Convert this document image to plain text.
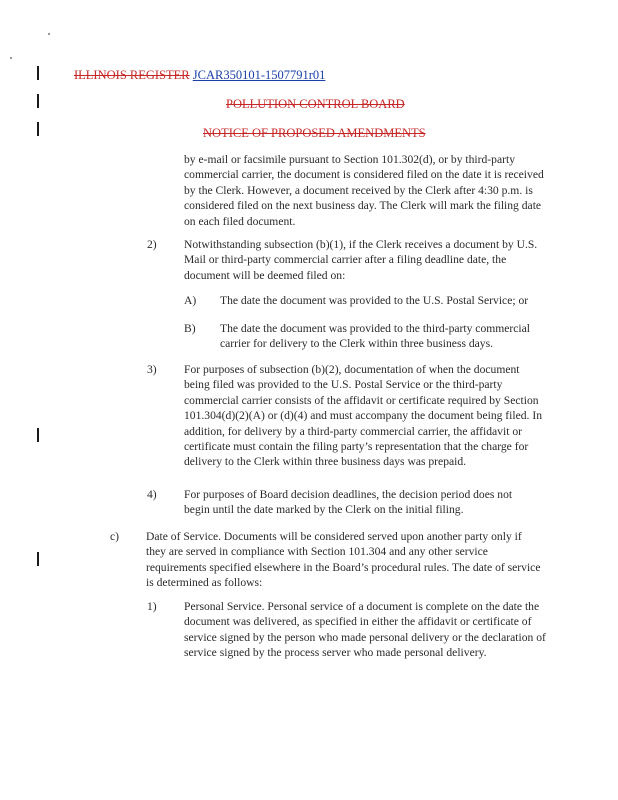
ILLINOIS REGISTER JCAR350101-1507791r01
POLLUTION CONTROL BOARD
NOTICE OF PROPOSED AMENDMENTS
by e-mail or facsimile pursuant to Section 101.302(d), or by third-party commercial carrier, the document is considered filed on the date it is received by the Clerk. However, a document received by the Clerk after 4:30 p.m. is considered filed on the next business day. The Clerk will mark the filing date on each filed document.
2) Notwithstanding subsection (b)(1), if the Clerk receives a document by U.S. Mail or third-party commercial carrier after a filing deadline date, the document will be deemed filed on:
A) The date the document was provided to the U.S. Postal Service; or
B) The date the document was provided to the third-party commercial carrier for delivery to the Clerk within three business days.
3) For purposes of subsection (b)(2), documentation of when the document being filed was provided to the U.S. Postal Service or the third-party commercial carrier consists of the affidavit or certificate required by Section 101.304(d)(2)(A) or (d)(4) and must accompany the document being filed. In addition, for delivery by a third-party commercial carrier, the affidavit or certificate must contain the filing party’s representation that the charge for delivery to the Clerk within three business days was prepaid.
4) For purposes of Board decision deadlines, the decision period does not begin until the date marked by the Clerk on the initial filing.
c) Date of Service. Documents will be considered served upon another party only if they are served in compliance with Section 101.304 and any other service requirements specified elsewhere in the Board’s procedural rules. The date of service is determined as follows:
1) Personal Service. Personal service of a document is complete on the date the document was delivered, as specified in either the affidavit or certificate of service signed by the person who made personal delivery or the declaration of service signed by the process server who made personal delivery.
